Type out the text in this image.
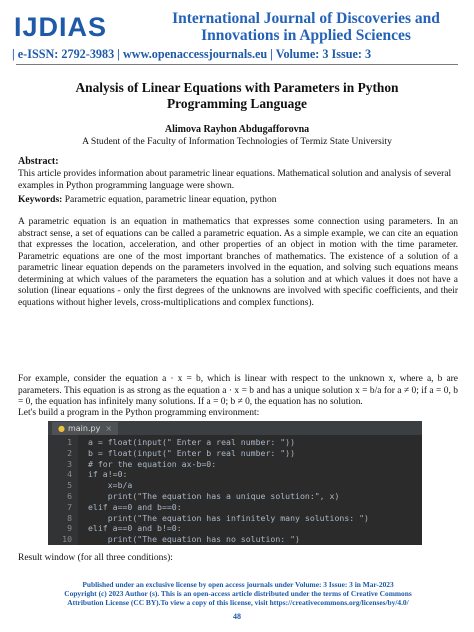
IJDIAS	International Journal of Discoveries and
Innovations in Applied Sciences
| e-ISSN: 2792-3983 | www.openaccessjournals.eu | Volume: 3 Issue: 3
Analysis of Linear Equations with Parameters in Python
Programming Language
Alimova Rayhon Abdugafforovna
A Student of the Faculty of Information Technologies of Termiz State University
Abstract:
This article provides information about parametric linear equations. Mathematical solution and analysis of several examples in Python programming language were shown.
Keywords: Parametric equation, parametric linear equation, python
A parametric equation is an equation in mathematics that expresses some connection using parameters. In an abstract sense, a set of equations can be called a parametric equation. As a simple example, we can cite an equation that expresses the location, acceleration, and other properties of an object in motion with the time parameter. Parametric equations are one of the most important branches of mathematics. The existence of a solution of a parametric linear equation depends on the parameters involved in the equation, and solving such equations means determining at which values of the parameters the equation has a solution and at which values it does not have a solution (linear equations - only the first degrees of the unknowns are involved with specific coefficients, and their equations without higher levels, cross-multiplications and complex functions).
For example, consider the equation a · x = b, which is linear with respect to the unknown x, where a, b are parameters. This equation is as strong as the equation a · x = b and has a unique solution x = b/a for a ≠ 0; if a = 0, b = 0, the equation has infinitely many solutions. If a = 0; b ≠ 0, the equation has no solution.
Let's build a program in the Python programming environment:
● main.py ×
1 a = float(input(" Enter a real number: "))
2 b = float(input(" Enter b real number: "))
3 # for the equation ax-b=0:
4 if a!=0:
5 x=b/a
6 print("The equation has a unique solution:", x)
7 elif a==0 and b==0:
8 print("The equation has infinitely many solutions: ")
9 elif a==0 and b!=0:
10 print("The equation has no solution: ")
Result window (for all three conditions):
Published under an exclusive license by open access journals under Volume: 3 Issue: 3 in Mar-2023
Copyright (c) 2023 Author (s). This is an open-access article distributed under the terms of Creative Commons
Attribution License (CC BY).To view a copy of this license, visit https://creativecommons.org/licenses/by/4.0/
48
